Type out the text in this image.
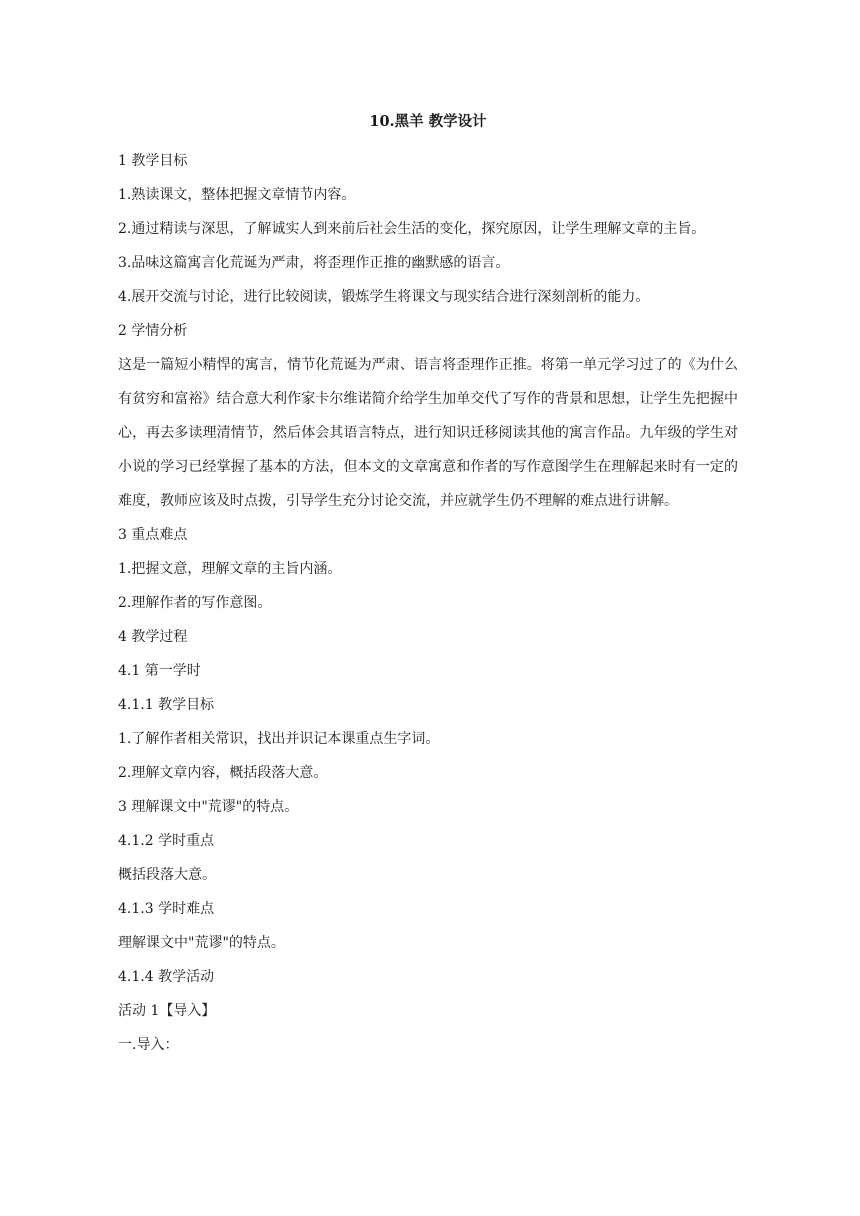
10.黑羊 教学设计

1 教学目标

1.熟读课文，整体把握文章情节内容。

2.通过精读与深思，了解诚实人到来前后社会生活的变化，探究原因，让学生理解文章的主旨。

3.品味这篇寓言化荒诞为严肃，将歪理作正推的幽默感的语言。

4.展开交流与讨论，进行比较阅读，锻炼学生将课文与现实结合进行深刻剖析的能力。

2 学情分析

这是一篇短小精悍的寓言，情节化荒诞为严肃、语言将歪理作正推。将第一单元学习过了的《为什么有贫穷和富裕》结合意大利作家卡尔维诺简介给学生加单交代了写作的背景和思想，让学生先把握中心，再去多读理清情节，然后体会其语言特点，进行知识迁移阅读其他的寓言作品。九年级的学生对小说的学习已经掌握了基本的方法，但本文的文章寓意和作者的写作意图学生在理解起来时有一定的难度，教师应该及时点拨，引导学生充分讨论交流，并应就学生仍不理解的难点进行讲解。

3 重点难点

1.把握文意，理解文章的主旨内涵。

2.理解作者的写作意图。

4 教学过程

4.1 第一学时

4.1.1 教学目标

1.了解作者相关常识，找出并识记本课重点生字词。

2.理解文章内容，概括段落大意。

3 理解课文中"荒谬"的特点。

4.1.2 学时重点

概括段落大意。

4.1.3 学时难点

理解课文中"荒谬"的特点。

4.1.4 教学活动

活动 1【导入】

一.导入：
